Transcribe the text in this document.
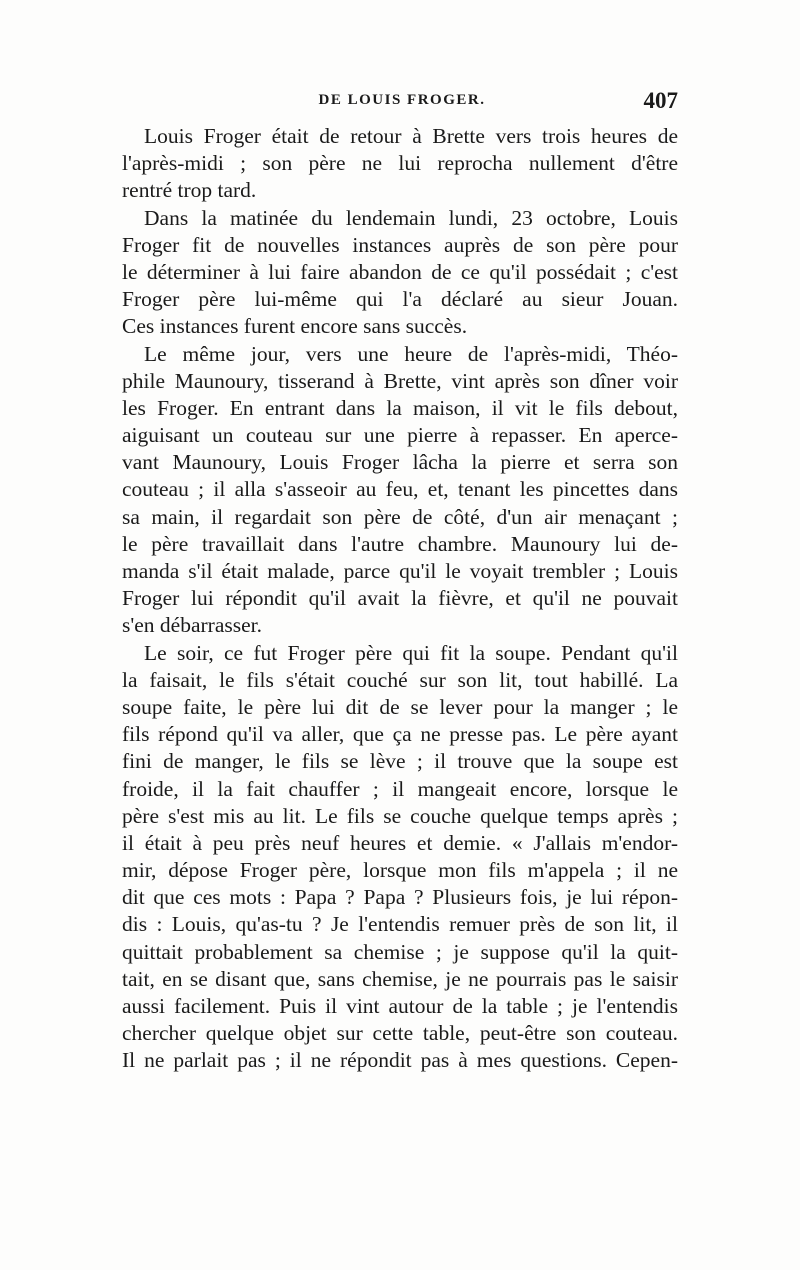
DE LOUIS FROGER.	407
Louis Froger était de retour à Brette vers trois heures de
l'après-midi ; son père ne lui reprocha nullement d'être
rentré trop tard.
Dans la matinée du lendemain lundi, 23 octobre, Louis
Froger fit de nouvelles instances auprès de son père pour
le déterminer à lui faire abandon de ce qu'il possédait ; c'est
Froger père lui-même qui l'a déclaré au sieur Jouan.
Ces instances furent encore sans succès.
Le même jour, vers une heure de l'après-midi, Théo-
phile Maunoury, tisserand à Brette, vint après son dîner voir
les Froger. En entrant dans la maison, il vit le fils debout,
aiguisant un couteau sur une pierre à repasser. En aperce-
vant Maunoury, Louis Froger lâcha la pierre et serra son
couteau ; il alla s'asseoir au feu, et, tenant les pincettes dans
sa main, il regardait son père de côté, d'un air menaçant ;
le père travaillait dans l'autre chambre. Maunoury lui de-
manda s'il était malade, parce qu'il le voyait trembler ; Louis
Froger lui répondit qu'il avait la fièvre, et qu'il ne pouvait
s'en débarrasser.
Le soir, ce fut Froger père qui fit la soupe. Pendant qu'il
la faisait, le fils s'était couché sur son lit, tout habillé. La
soupe faite, le père lui dit de se lever pour la manger ; le
fils répond qu'il va aller, que ça ne presse pas. Le père ayant
fini de manger, le fils se lève ; il trouve que la soupe est
froide, il la fait chauffer ; il mangeait encore, lorsque le
père s'est mis au lit. Le fils se couche quelque temps après ;
il était à peu près neuf heures et demie. « J'allais m'endor-
mir, dépose Froger père, lorsque mon fils m'appela ; il ne
dit que ces mots : Papa ? Papa ? Plusieurs fois, je lui répon-
dis : Louis, qu'as-tu ? Je l'entendis remuer près de son lit, il
quittait probablement sa chemise ; je suppose qu'il la quit-
tait, en se disant que, sans chemise, je ne pourrais pas le saisir
aussi facilement. Puis il vint autour de la table ; je l'entendis
chercher quelque objet sur cette table, peut-être son couteau.
Il ne parlait pas ; il ne répondit pas à mes questions. Cepen-
